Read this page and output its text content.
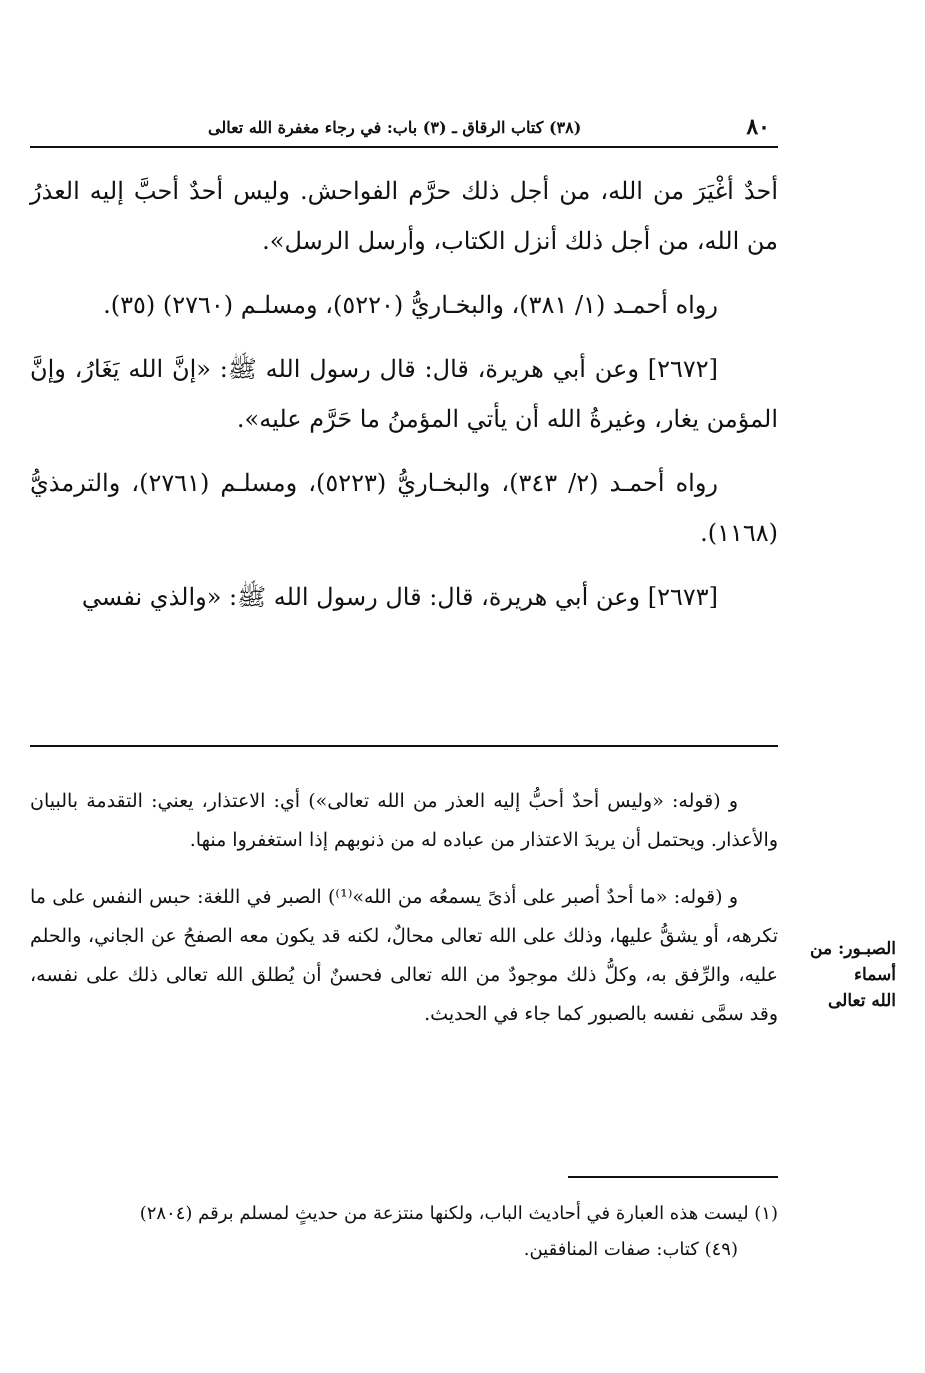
٨٠
(٣٨) كتاب الرقاق ـ (٣) باب: في رجاء مغفرة الله تعالى

أحدٌ أغْيَرَ من الله، من أجل ذلك حرَّم الفواحش. وليس أحدٌ أحبَّ إليه العذرُ من الله، من أجل ذلك أنزل الكتاب، وأرسل الرسل».

رواه أحمـد (١/ ٣٨١)، والبخـاريُّ (٥٢٢٠)، ومسلـم (٢٧٦٠) (٣٥).

[٢٦٧٢] وعن أبي هريرة، قال: قال رسول الله ﷺ: «إنَّ الله يَغَارُ، وإنَّ المؤمن يغار، وغيرةُ الله أن يأتي المؤمنُ ما حَرَّم عليه».

رواه أحمـد (٢/ ٣٤٣)، والبخـاريُّ (٥٢٢٣)، ومسلـم (٢٧٦١)، والترمذيُّ (١١٦٨).

[٢٦٧٣] وعن أبي هريرة، قال: قال رسول الله ﷺ: «والذي نفسي

و (قوله: «وليس أحدٌ أحبُّ إليه العذر من الله تعالى») أي: الاعتذار، يعني: التقدمة بالبيان والأعذار. ويحتمل أن يريدَ الاعتذار من عباده له من ذنوبهم إذا استغفروا منها.

و (قوله: «ما أحدٌ أصبر على أذىً يسمعُه من الله»⁽¹⁾) الصبر في اللغة: حبس النفس على ما تكرهه، أو يشقُّ عليها، وذلك على الله تعالى محالٌ، لكنه قد يكون معه الصفحُ عن الجاني، والحلم عليه، والرِّفق به، وكلُّ ذلك موجودٌ من الله تعالى فحسنٌ أن يُطلق الله تعالى ذلك على نفسه، وقد سمَّى نفسه بالصبور كما جاء في الحديث.

الصبـور: من
أسماء
الله تعالى

(١) ليست هذه العبارة في أحاديث الباب، ولكنها منتزعة من حديثٍ لمسلم برقم (٢٨٠٤)

(٤٩) كتاب: صفات المنافقين.
